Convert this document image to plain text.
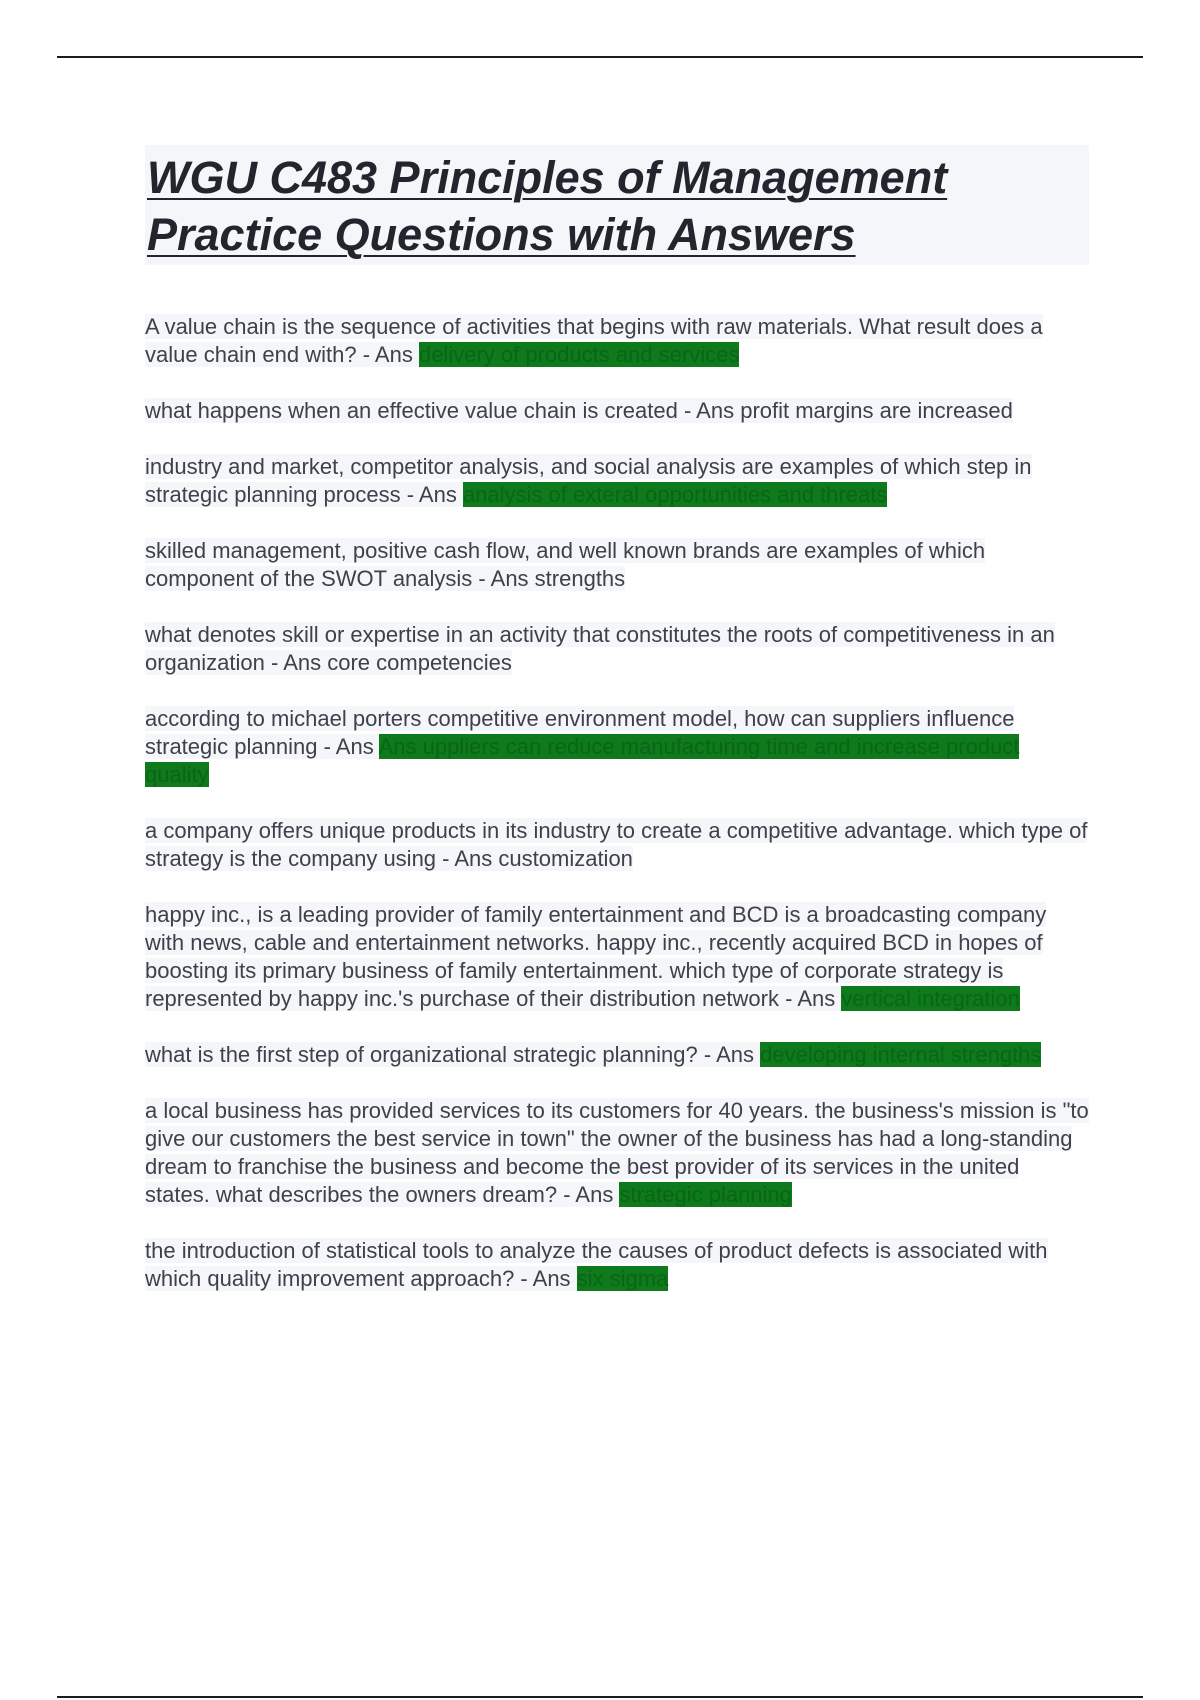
WGU C483 Principles of Management Practice Questions with Answers

A value chain is the sequence of activities that begins with raw materials. What result does a value chain end with? - Ans delivery of products and services

what happens when an effective value chain is created - Ans profit margins are increased

industry and market, competitor analysis, and social analysis are examples of which step in strategic planning process - Ans analysis of exteral opportunities and threats

skilled management, positive cash flow, and well known brands are examples of which component of the SWOT analysis - Ans strengths

what denotes skill or expertise in an activity that constitutes the roots of competitiveness in an organization - Ans core competencies

according to michael porters competitive environment model, how can suppliers influence strategic planning - Ans Ans uppliers can reduce manufacturing time and increase product quality

a company offers unique products in its industry to create a competitive advantage. which type of strategy is the company using - Ans customization

happy inc., is a leading provider of family entertainment and BCD is a broadcasting company with news, cable and entertainment networks. happy inc., recently acquired BCD in hopes of boosting its primary business of family entertainment. which type of corporate strategy is represented by happy inc.'s purchase of their distribution network - Ans vertical integration

what is the first step of organizational strategic planning? - Ans developing internal strengths

a local business has provided services to its customers for 40 years. the business's mission is "to give our customers the best service in town" the owner of the business has had a long-standing dream to franchise the business and become the best provider of its services in the united states. what describes the owners dream? - Ans strategic planning

the introduction of statistical tools to analyze the causes of product defects is associated with which quality improvement approach? - Ans six sigma
